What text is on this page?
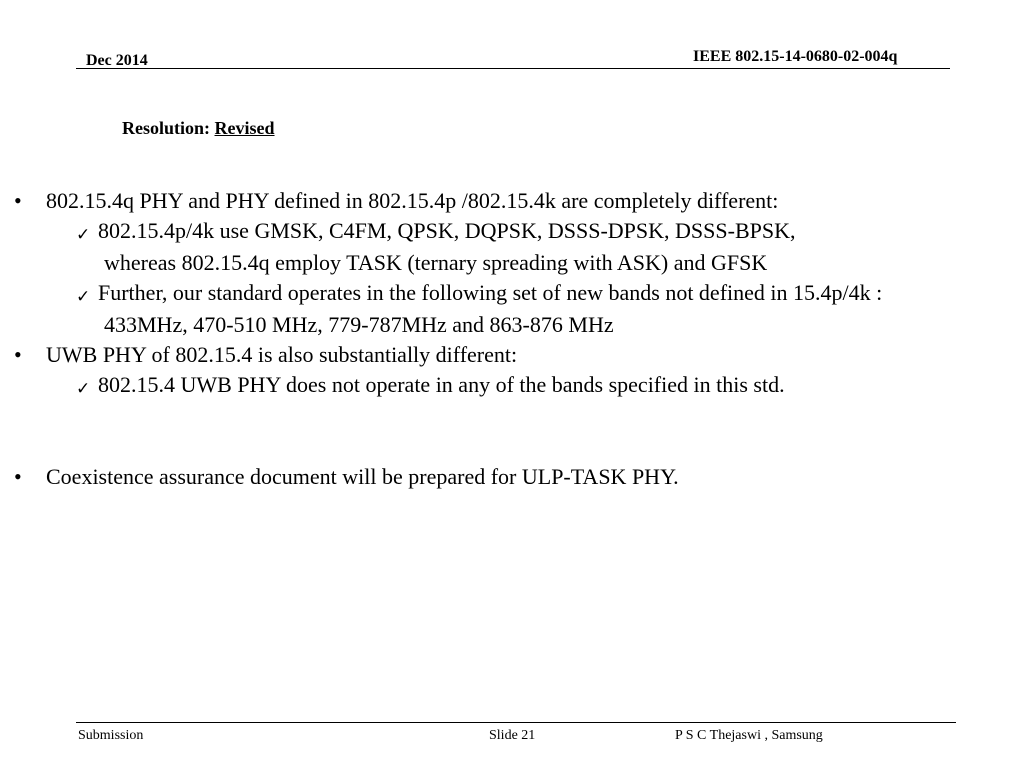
Dec 2014	IEEE 802.15-14-0680-02-004q
Resolution: Revised
• 802.15.4q PHY and PHY defined in 802.15.4p /802.15.4k are completely different:
✓ 802.15.4p/4k use GMSK, C4FM, QPSK, DQPSK, DSSS-DPSK, DSSS-BPSK,
whereas 802.15.4q employ TASK (ternary spreading with ASK) and GFSK
✓ Further, our standard operates in the following set of new bands not defined in 15.4p/4k :
433MHz, 470-510 MHz, 779-787MHz and 863-876 MHz
• UWB PHY of 802.15.4 is also substantially different:
✓ 802.15.4 UWB PHY does not operate in any of the bands specified in this std.
• Coexistence assurance document will be prepared for ULP-TASK PHY.
Submission	Slide 21	P S C Thejaswi , Samsung
